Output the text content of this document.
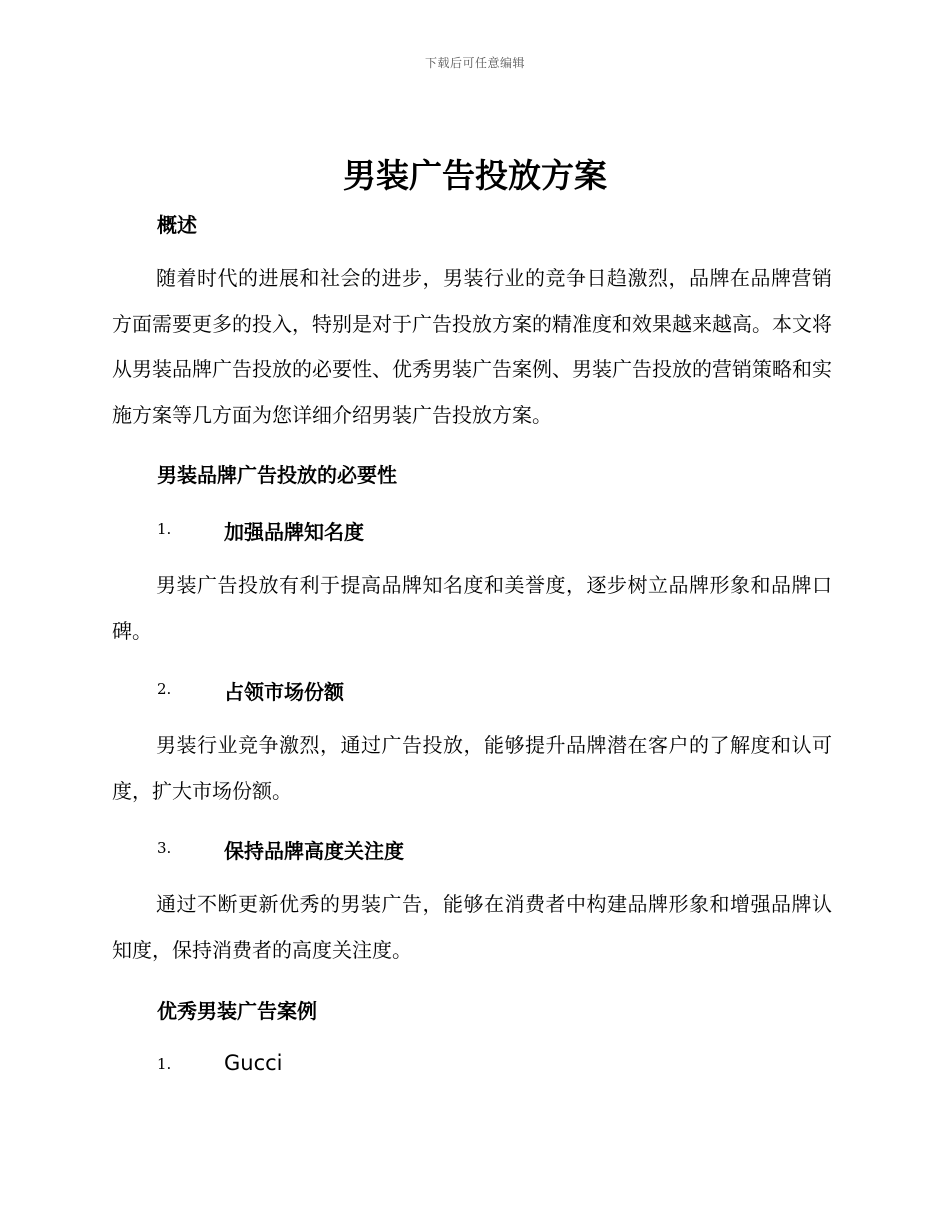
下载后可任意编辑
男装广告投放方案
概述
随着时代的进展和社会的进步，男装行业的竞争日趋激烈，品牌在品牌营销方面需要更多的投入，特别是对于广告投放方案的精准度和效果越来越高。本文将从男装品牌广告投放的必要性、优秀男装广告案例、男装广告投放的营销策略和实施方案等几方面为您详细介绍男装广告投放方案。
男装品牌广告投放的必要性
1.	加强品牌知名度
男装广告投放有利于提高品牌知名度和美誉度，逐步树立品牌形象和品牌口碑。
2.	占领市场份额
男装行业竞争激烈，通过广告投放，能够提升品牌潜在客户的了解度和认可度，扩大市场份额。
3.	保持品牌高度关注度
通过不断更新优秀的男装广告，能够在消费者中构建品牌形象和增强品牌认知度，保持消费者的高度关注度。
优秀男装广告案例
1.	Gucci
